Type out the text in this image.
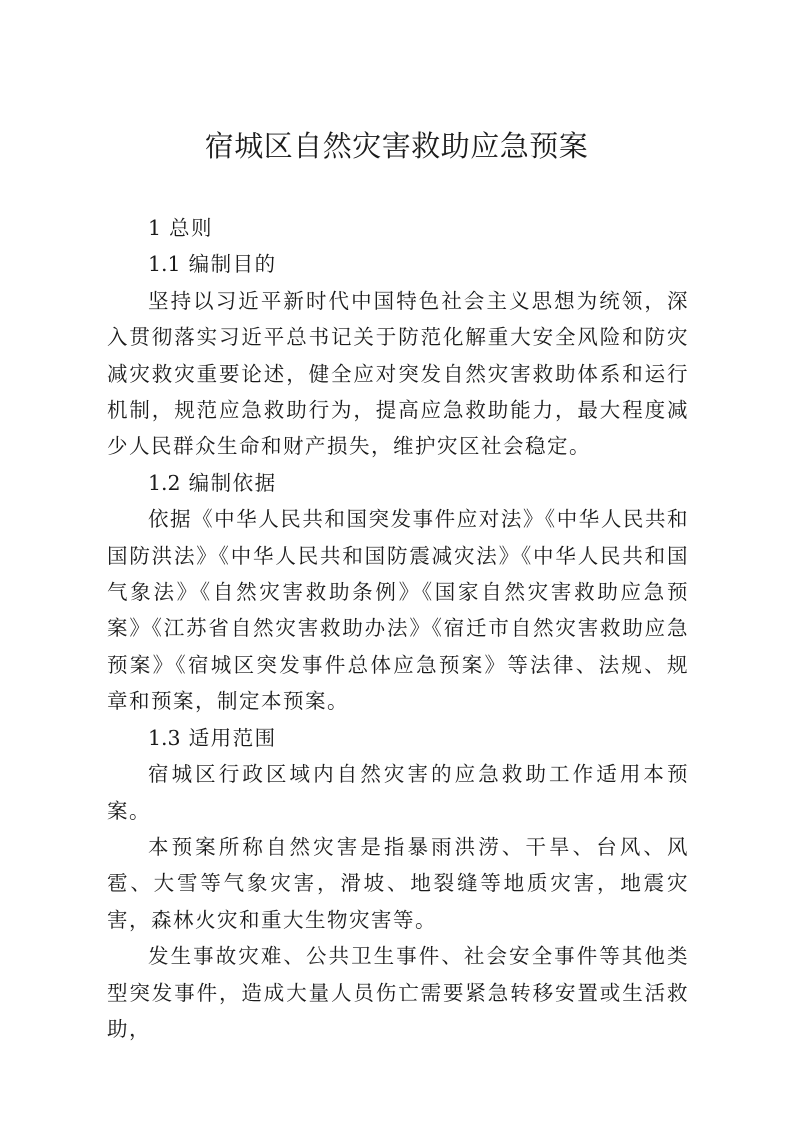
宿城区自然灾害救助应急预案
1 总则
1.1 编制目的

坚持以习近平新时代中国特色社会主义思想为统领，深入贯彻落实习近平总书记关于防范化解重大安全风险和防灾减灾救灾重要论述，健全应对突发自然灾害救助体系和运行机制，规范应急救助行为，提高应急救助能力，最大程度减少人民群众生命和财产损失，维护灾区社会稳定。

1.2 编制依据

依据《中华人民共和国突发事件应对法》《中华人民共和国防洪法》《中华人民共和国防震减灾法》《中华人民共和国气象法》《自然灾害救助条例》《国家自然灾害救助应急预案》《江苏省自然灾害救助办法》《宿迁市自然灾害救助应急预案》《宿城区突发事件总体应急预案》等法律、法规、规章和预案，制定本预案。

1.3 适用范围

宿城区行政区域内自然灾害的应急救助工作适用本预案。

本预案所称自然灾害是指暴雨洪涝、干旱、台风、风雹、大雪等气象灾害，滑坡、地裂缝等地质灾害，地震灾害，森林火灾和重大生物灾害等。

发生事故灾难、公共卫生事件、社会安全事件等其他类型突发事件，造成大量人员伤亡需要紧急转移安置或生活救助，
